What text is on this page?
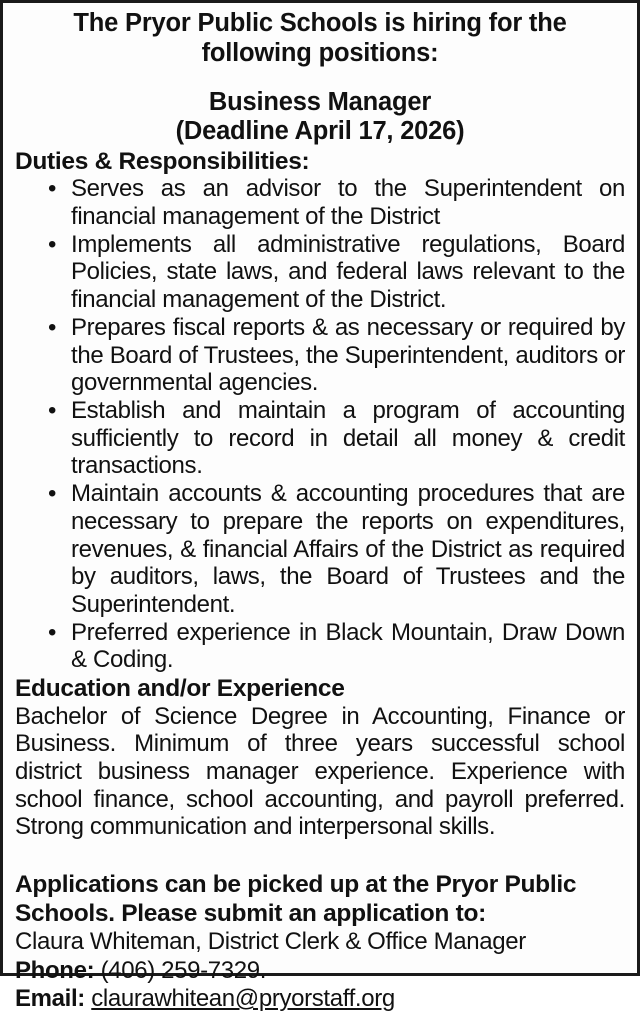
The Pryor Public Schools is hiring for the following positions:
Business Manager
(Deadline April 17, 2026)
Duties & Responsibilities:
• Serves as an advisor to the Superintendent on financial management of the District
• Implements all administrative regulations, Board Policies, state laws, and federal laws relevant to the financial management of the District.
• Prepares fiscal reports & as necessary or required by the Board of Trustees, the Superintendent, auditors or governmental agencies.
• Establish and maintain a program of accounting sufficiently to record in detail all money & credit transactions.
• Maintain accounts & accounting procedures that are necessary to prepare the reports on expenditures, revenues, & financial Affairs of the District as required by auditors, laws, the Board of Trustees and the Superintendent.
• Preferred experience in Black Mountain, Draw Down & Coding.
Education and/or Experience

Bachelor of Science Degree in Accounting, Finance or Business. Minimum of three years successful school district business manager experience. Experience with school finance, school accounting, and payroll preferred. Strong communication and interpersonal skills.

Applications can be picked up at the Pryor Public
Schools. Please submit an application to:

Claura Whiteman, District Clerk & Office Manager

Phone: (406) 259-7329.

Email: claurawhitean@pryorstaff.org
